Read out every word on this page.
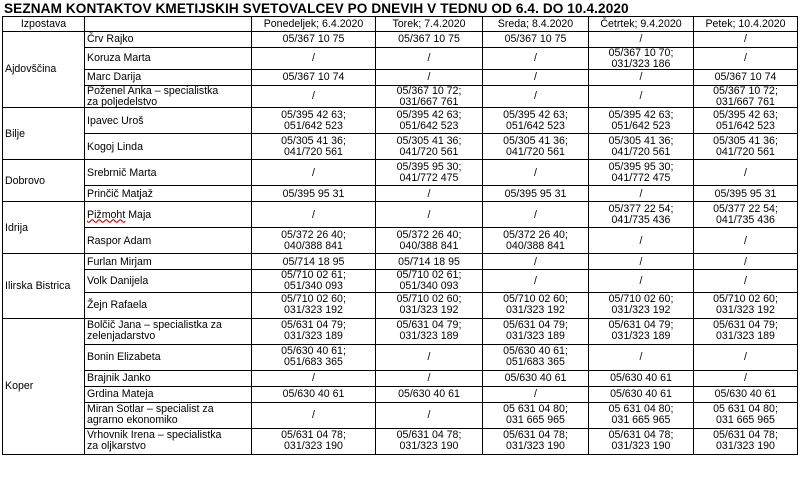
SEZNAM KONTAKTOV KMETIJSKIH SVETOVALCEV PO DNEVIH V TEDNU OD 6.4. DO 10.4.2020
Izpostava		Ponedeljek; 6.4.2020	Torek; 7.4.2020	Sreda; 8.4.2020	Četrtek; 9.4.2020	Petek; 10.4.2020
Ajdovščina	Črv Rajko	05/367 10 75	05/367 10 75	05/367 10 75	/	/
	Koruza Marta	/	/	/	05/367 10 70;
031/323 186	/
	Marc Darija	05/367 10 74	/	/	/	05/367 10 74
	Poženel Anka – specialistka
za poljedelstvo	/	05/367 10 72;
031/667 761	/	/	05/367 10 72;
031/667 761
Bilje	Ipavec Uroš	05/395 42 63;
051/642 523	05/395 42 63;
051/642 523	05/395 42 63;
051/642 523	05/395 42 63;
051/642 523	05/395 42 63;
051/642 523
	Kogoj Linda	05/305 41 36;
041/720 561	05/305 41 36;
041/720 561	05/305 41 36;
041/720 561	05/305 41 36;
041/720 561	05/305 41 36;
041/720 561
Dobrovo	Srebrnič Marta	/	05/395 95 30;
041/772 475	/	05/395 95 30;
041/772 475	/
	Prinčič Matjaž	05/395 95 31	/	05/395 95 31	/	05/395 95 31
Idrija	Pižmoht Maja	/	/	/	05/377 22 54;
041/735 436	05/377 22 54;
041/735 436
	Raspor Adam	05/372 26 40;
040/388 841	05/372 26 40;
040/388 841	05/372 26 40;
040/388 841	/	/
Ilirska Bistrica	Furlan Mirjam	05/714 18 95	05/714 18 95	/	/	/
	Volk Danijela	05/710 02 61;
051/340 093	05/710 02 61;
051/340 093	/	/	/
	Žejn Rafaela	05/710 02 60;
031/323 192	05/710 02 60;
031/323 192	05/710 02 60;
031/323 192	05/710 02 60;
031/323 192	05/710 02 60;
031/323 192
Koper	Bolčič Jana – specialistka za
zelenjadarstvo	05/631 04 79;
031/323 189	05/631 04 79;
031/323 189	05/631 04 79;
031/323 189	05/631 04 79;
031/323 189	05/631 04 79;
031/323 189
	Bonin Elizabeta	05/630 40 61;
051/683 365	/	05/630 40 61;
051/683 365	/	/
	Brajnik Janko	/	/	05/630 40 61	05/630 40 61	/
	Grdina Mateja	05/630 40 61	05/630 40 61	/	05/630 40 61	05/630 40 61
	Miran Sotlar – specialist za
agrarno ekonomiko	/	/	05 631 04 80;
031 665 965	05 631 04 80;
031 665 965	05 631 04 80;
031 665 965
	Vrhovnik Irena – specialistka
za oljkarstvo	05/631 04 78;
031/323 190	05/631 04 78;
031/323 190	05/631 04 78;
031/323 190	05/631 04 78;
031/323 190	05/631 04 78;
031/323 190
